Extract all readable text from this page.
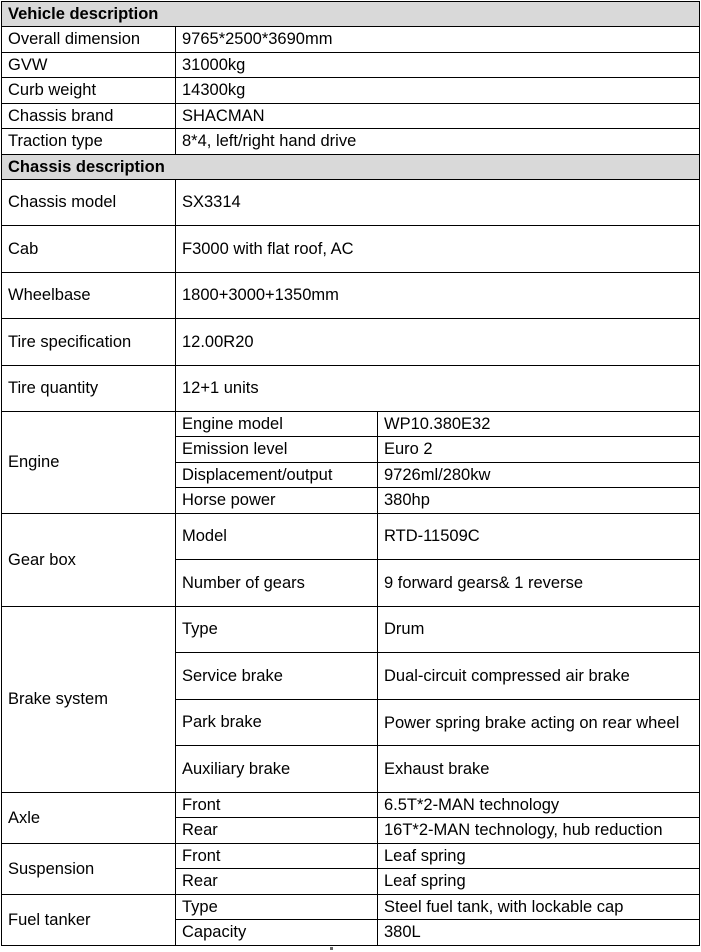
Vehicle description		
Overall dimension	9765*2500*3690mm	
GVW	31000kg	
Curb weight	14300kg	
Chassis brand	SHACMAN	
Traction type	8*4, left/right hand drive	
Chassis description		
Chassis model	SX3314	
Cab	F3000 with flat roof, AC	
Wheelbase	1800+3000+1350mm	
Tire specification	12.00R20	
Tire quantity	12+1 units	
Engine	Engine model	WP10.380E32
	Emission level	Euro 2
	Displacement/output	9726ml/280kw
	Horse power	380hp
Gear box	Model	RTD-11509C
	Number of gears	9 forward gears& 1 reverse
Brake system	Type	Drum
	Service brake	Dual-circuit compressed air brake
	Park brake	Power spring brake acting on rear wheel
	Auxiliary brake	Exhaust brake
Axle	Front	6.5T*2-MAN technology
	Rear	16T*2-MAN technology, hub reduction
Suspension	Front	Leaf spring
	Rear	Leaf spring
Fuel tanker	Type	Steel fuel tank, with lockable cap
	Capacity	380L
